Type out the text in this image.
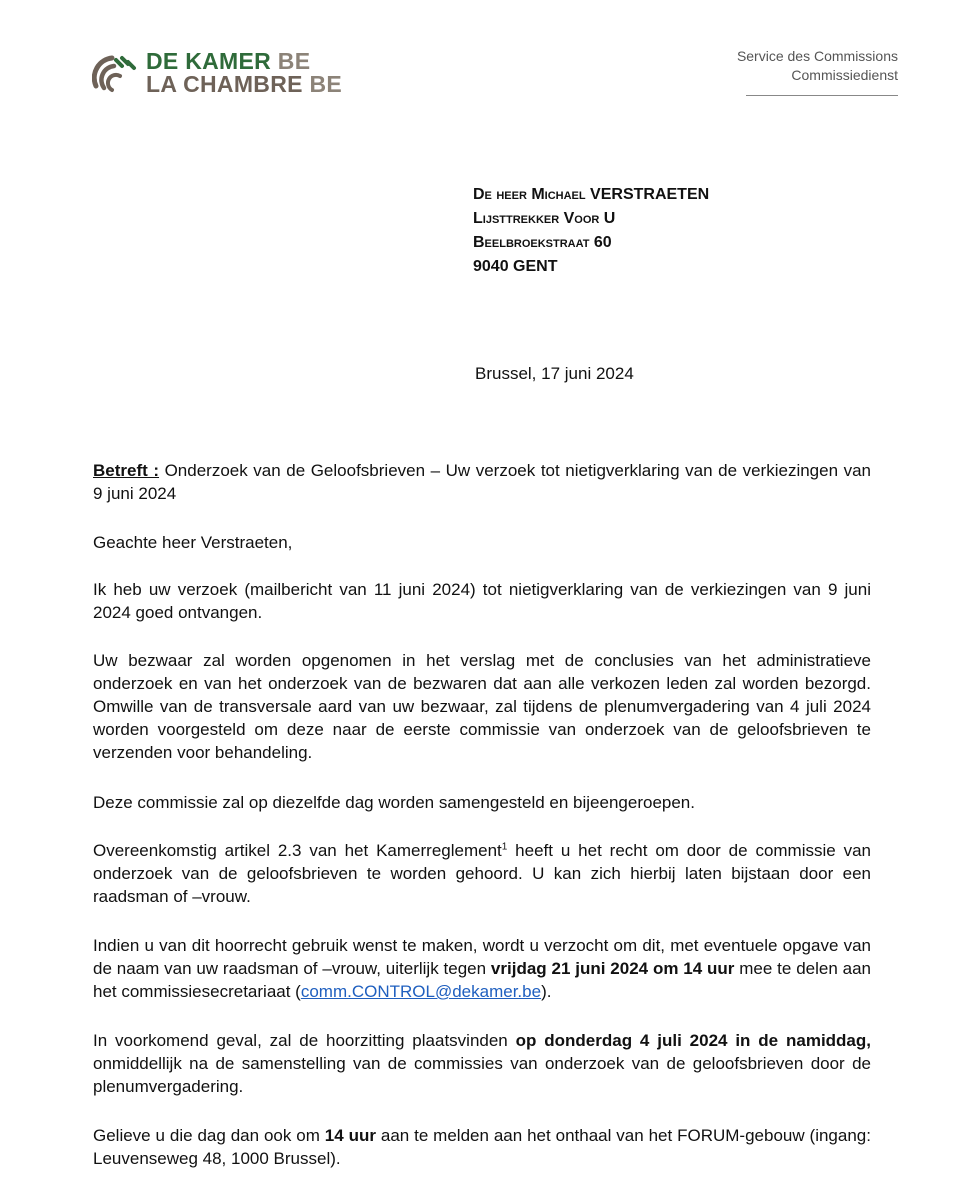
DE KAMER BE
LA CHAMBRE BE
Service des Commissions
Commissiedienst
De heer Michael VERSTRAETEN
Lijsttrekker Voor U
Beelbroekstraat 60
9040 GENT
Brussel, 17 juni 2024

Betreft : Onderzoek van de Geloofsbrieven – Uw verzoek tot nietigverklaring van de verkiezingen van 9 juni 2024

Geachte heer Verstraeten,

Ik heb uw verzoek (mailbericht van 11 juni 2024) tot nietigverklaring van de verkiezingen van 9 juni 2024 goed ontvangen.

Uw bezwaar zal worden opgenomen in het verslag met de conclusies van het administratieve onderzoek en van het onderzoek van de bezwaren dat aan alle verkozen leden zal worden bezorgd. Omwille van de transversale aard van uw bezwaar, zal tijdens de plenumvergadering van 4 juli 2024 worden voorgesteld om deze naar de eerste commissie van onderzoek van de geloofsbrieven te verzenden voor behandeling.

Deze commissie zal op diezelfde dag worden samengesteld en bijeengeroepen.

Overeenkomstig artikel 2.3 van het Kamerreglement$^1$ heeft u het recht om door de commissie van onderzoek van de geloofsbrieven te worden gehoord. U kan zich hierbij laten bijstaan door een raadsman of –vrouw.

Indien u van dit hoorrecht gebruik wenst te maken, wordt u verzocht om dit, met eventuele opgave van de naam van uw raadsman of –vrouw, uiterlijk tegen vrijdag 21 juni 2024 om 14 uur mee te delen aan het commissiesecretariaat (comm.CONTROL@dekamer.be).

In voorkomend geval, zal de hoorzitting plaatsvinden op donderdag 4 juli 2024 in de namiddag, onmiddellijk na de samenstelling van de commissies van onderzoek van de geloofsbrieven door de plenumvergadering.

Gelieve u die dag dan ook om 14 uur aan te melden aan het onthaal van het FORUM-gebouw (ingang: Leuvenseweg 48, 1000 Brussel).
